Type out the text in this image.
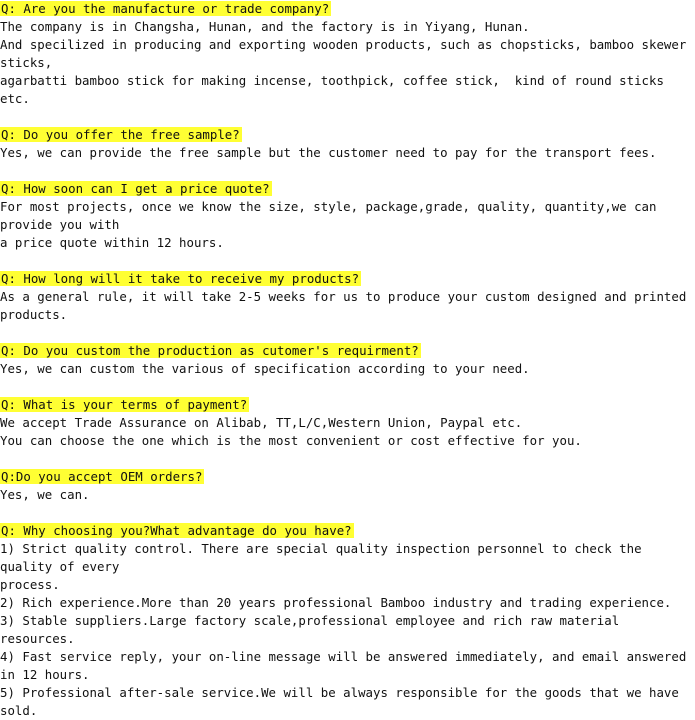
Q: Are you the manufacture or trade company?
The company is in Changsha, Hunan, and the factory is in Yiyang, Hunan.
And specilized in producing and exporting wooden products, such as chopsticks, bamboo skewer sticks,
agarbatti bamboo stick for making incense, toothpick, coffee stick,  kind of round sticks etc.
Q: Do you offer the free sample?
Yes, we can provide the free sample but the customer need to pay for the transport fees.
Q: How soon can I get a price quote?
For most projects, once we know the size, style, package,grade, quality, quantity,we can provide you with
a price quote within 12 hours.
Q: How long will it take to receive my products?
As a general rule, it will take 2-5 weeks for us to produce your custom designed and printed products.
Q: Do you custom the production as cutomer's requirment?
Yes, we can custom the various of specification according to your need.
Q: What is your terms of payment?
We accept Trade Assurance on Alibab, TT,L/C,Western Union, Paypal etc.
You can choose the one which is the most convenient or cost effective for you.
Q:Do you accept OEM orders?
Yes, we can.
Q: Why choosing you?What advantage do you have?
1) Strict quality control. There are special quality inspection personnel to check the quality of every
process.
2) Rich experience.More than 20 years professional Bamboo industry and trading experience.
3) Stable suppliers.Large factory scale,professional employee and rich raw material resources.
4) Fast service reply, your on-line message will be answered immediately, and email answered in 12 hours.
5) Professional after-sale service.We will be always responsible for the goods that we have sold.
